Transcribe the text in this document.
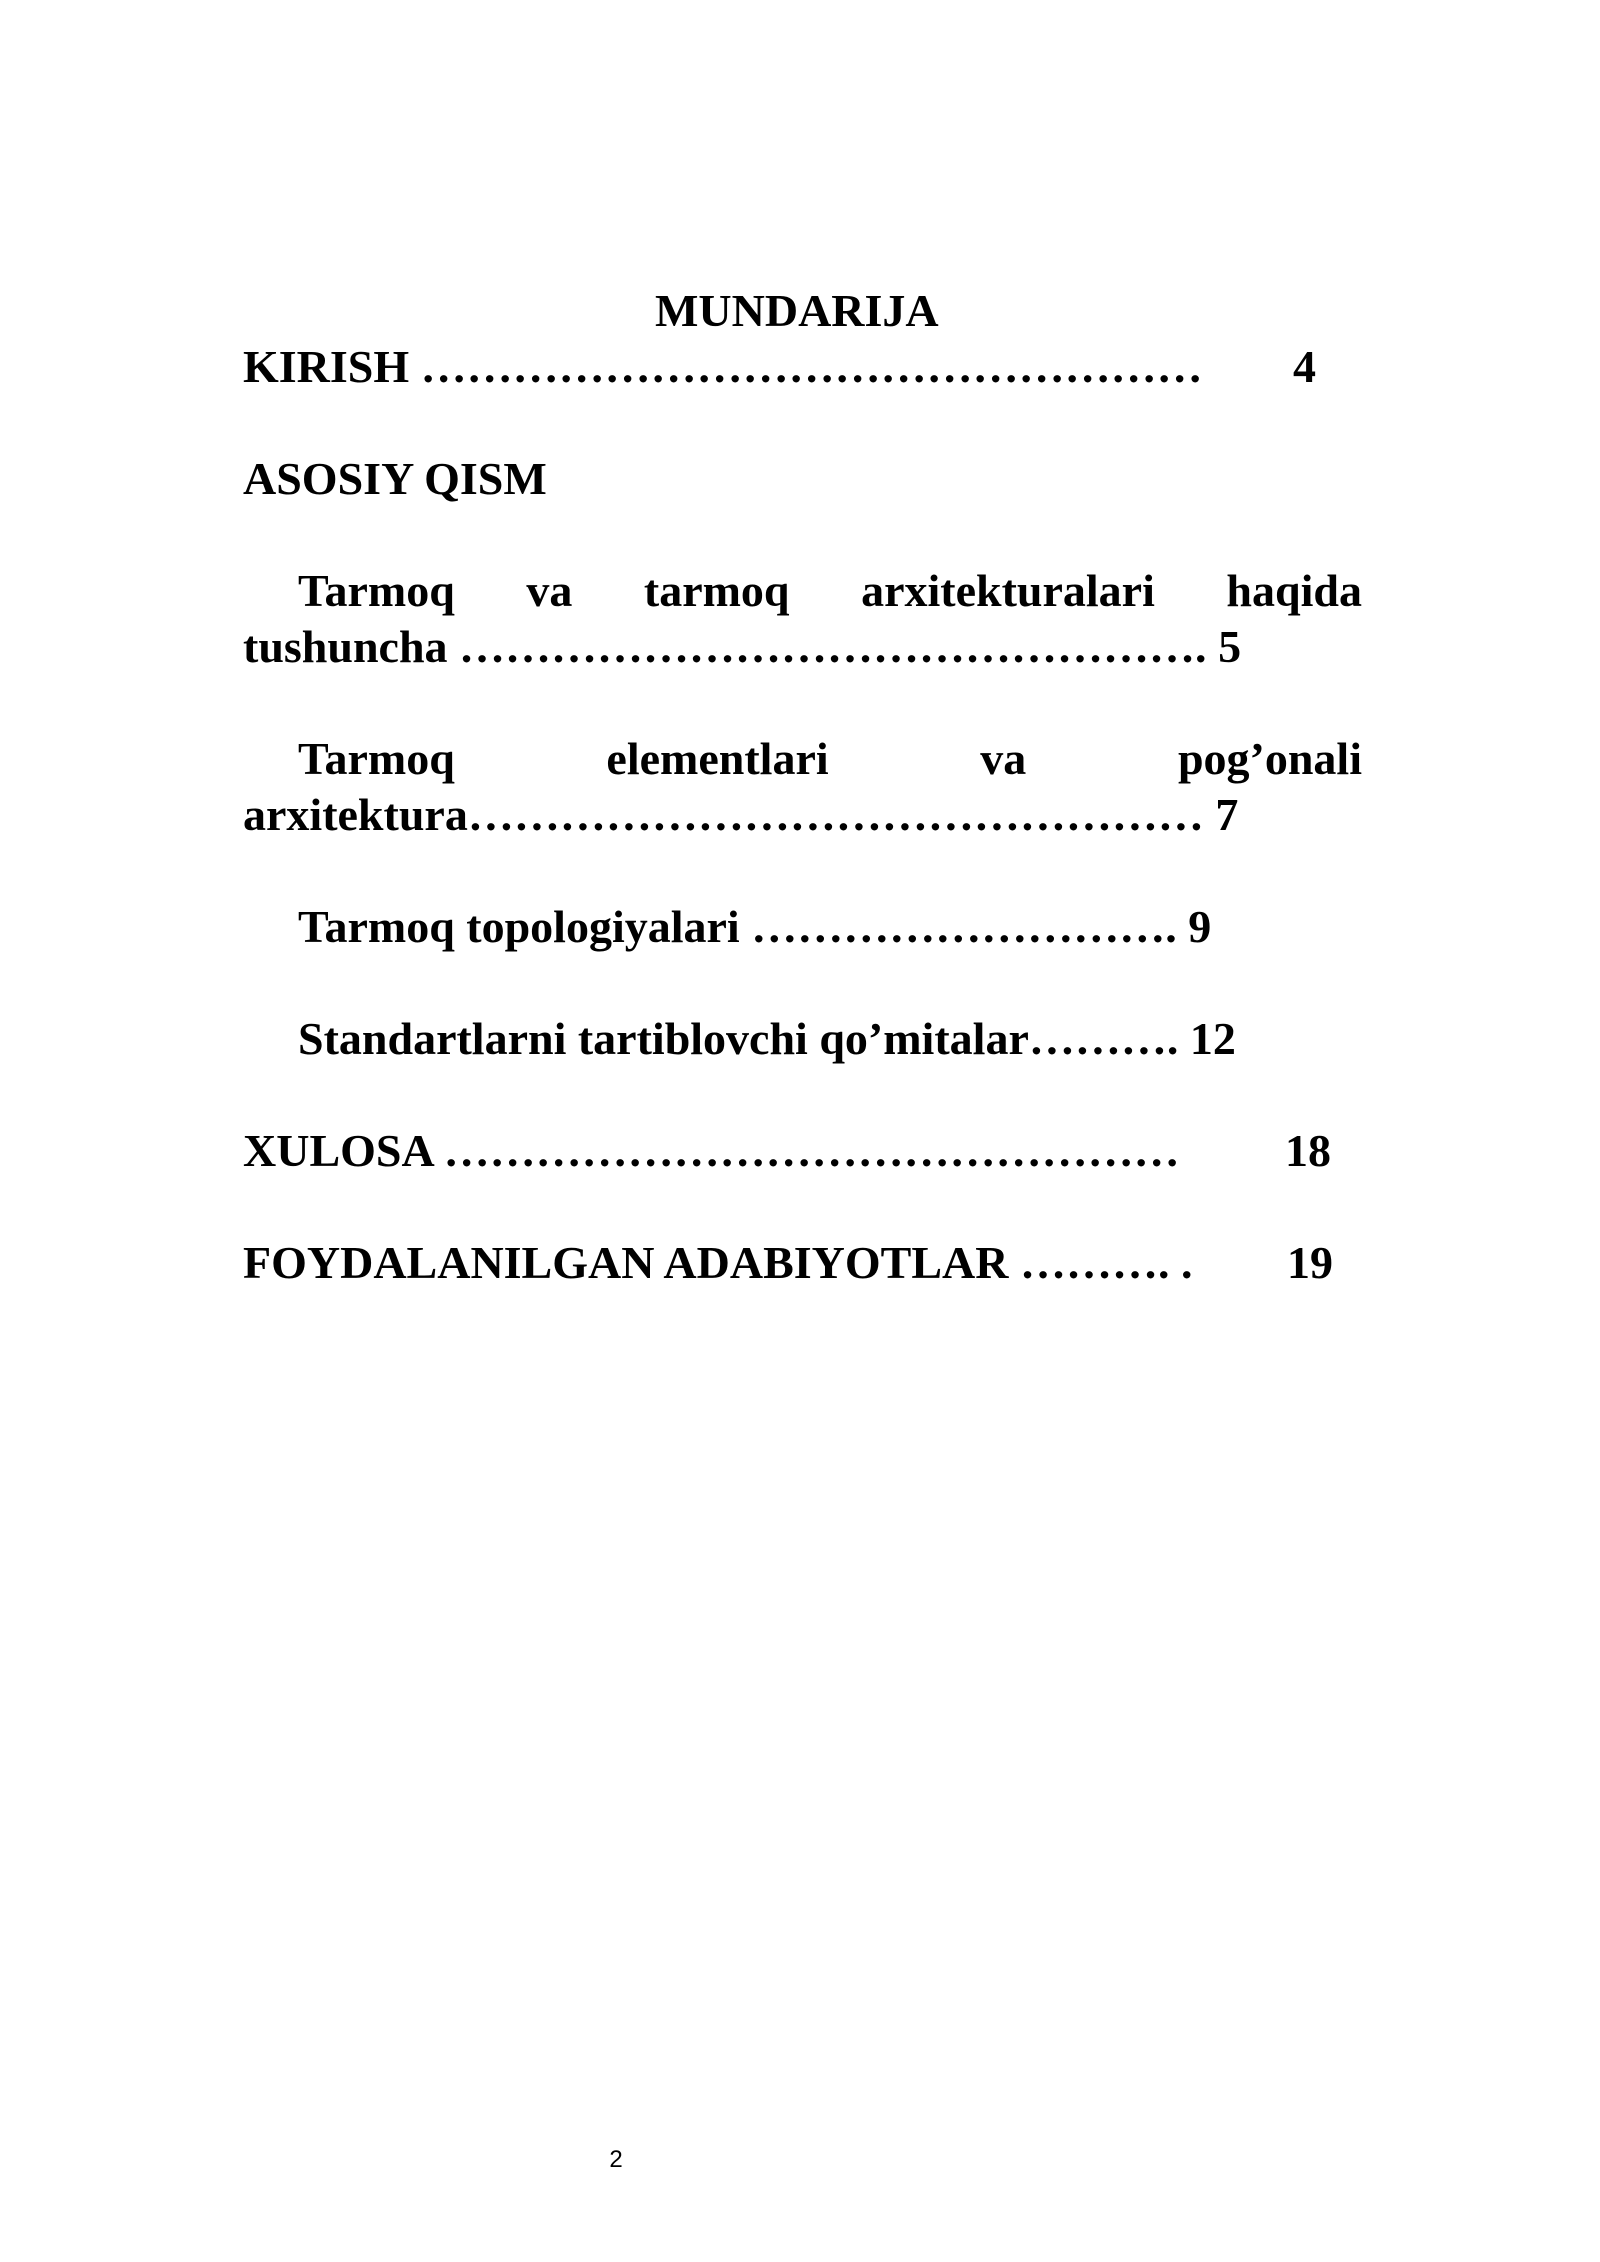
MUNDARIJA
KIRISH …………………………………………… 4
ASOSIY QISM
Tarmoq va tarmoq arxitekturalari haqida
tushuncha …………………………………………. 5
Tarmoq	elementlari	va	pog’onali
arxitektura………………………………………… 7
Tarmoq topologiyalari ………………………. 9
Standartlarni tartiblovchi qo’mitalar………. 12
XULOSA ………………………………………… 18
FOYDALANILGAN ADABIYOTLAR ………. . 19
2
